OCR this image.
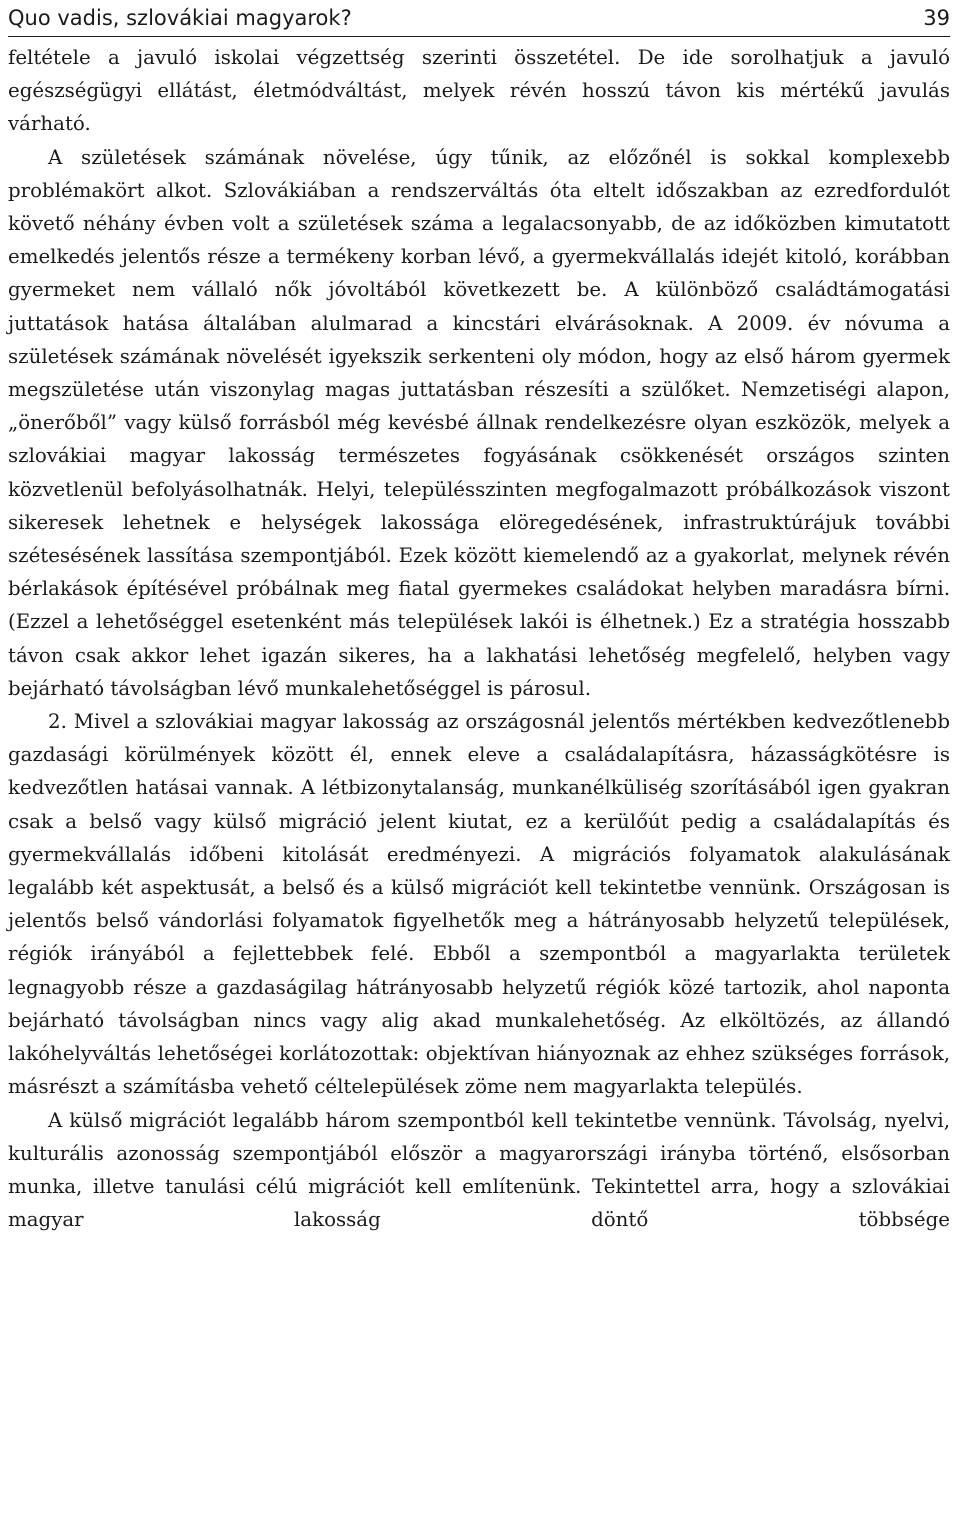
Quo vadis, szlovákiai magyarok?	39

feltétele a javuló iskolai végzettség szerinti összetétel. De ide sorolhatjuk a javuló egészségügyi ellátást, életmódváltást, melyek révén hosszú távon kis mértékű javulás várható.

A születések számának növelése, úgy tűnik, az előzőnél is sokkal komplexebb problémakört alkot. Szlovákiában a rendszerváltás óta eltelt időszakban az ezredfordulót követő néhány évben volt a születések száma a legalacsonyabb, de az időközben kimutatott emelkedés jelentős része a termékeny korban lévő, a gyermekvállalás idejét kitoló, korábban gyermeket nem vállaló nők jóvoltából következett be. A különböző családtámogatási juttatások hatása általában alulmarad a kincstári elvárásoknak. A 2009. év nóvuma a születések számának növelését igyekszik serkenteni oly módon, hogy az első három gyermek megszületése után viszonylag magas juttatásban részesíti a szülőket. Nemzetiségi alapon, „önerőből” vagy külső forrásból még kevésbé állnak rendelkezésre olyan eszközök, melyek a szlovákiai magyar lakosság természetes fogyásának csökkenését országos szinten közvetlenül befolyásolhatnák. Helyi, településszinten megfogalmazott próbálkozások viszont sikeresek lehetnek e helységek lakossága elöregedésének, infrastruktúrájuk további szétesésének lassítása szempontjából. Ezek között kiemelendő az a gyakorlat, melynek révén bérlakások építésével próbálnak meg fiatal gyermekes családokat helyben maradásra bírni. (Ezzel a lehetőséggel esetenként más települések lakói is élhetnek.) Ez a stratégia hosszabb távon csak akkor lehet igazán sikeres, ha a lakhatási lehetőség megfelelő, helyben vagy bejárható távolságban lévő munkalehetőséggel is párosul.

2. Mivel a szlovákiai magyar lakosság az országosnál jelentős mértékben kedvezőtlenebb gazdasági körülmények között él, ennek eleve a családalapításra, házasságkötésre is kedvezőtlen hatásai vannak. A létbizonytalanság, munkanélküliség szorításából igen gyakran csak a belső vagy külső migráció jelent kiutat, ez a kerülőút pedig a családalapítás és gyermekvállalás időbeni kitolását eredményezi. A migrációs folyamatok alakulásának legalább két aspektusát, a belső és a külső migrációt kell tekintetbe vennünk. Országosan is jelentős belső vándorlási folyamatok figyelhetők meg a hátrányosabb helyzetű települések, régiók irányából a fejlettebbek felé. Ebből a szempontból a magyarlakta területek legnagyobb része a gazdaságilag hátrányosabb helyzetű régiók közé tartozik, ahol naponta bejárható távolságban nincs vagy alig akad munkalehetőség. Az elköltözés, az állandó lakóhelyváltás lehetőségei korlátozottak: objektívan hiányoznak az ehhez szükséges források, másrészt a számításba vehető céltelepülések zöme nem magyarlakta település.

A külső migrációt legalább három szempontból kell tekintetbe vennünk. Távolság, nyelvi, kulturális azonosság szempontjából először a magyarországi irányba történő, elsősorban munka, illetve tanulási célú migrációt kell említenünk. Tekintettel arra, hogy a szlovákiai magyar lakosság döntő többsége
